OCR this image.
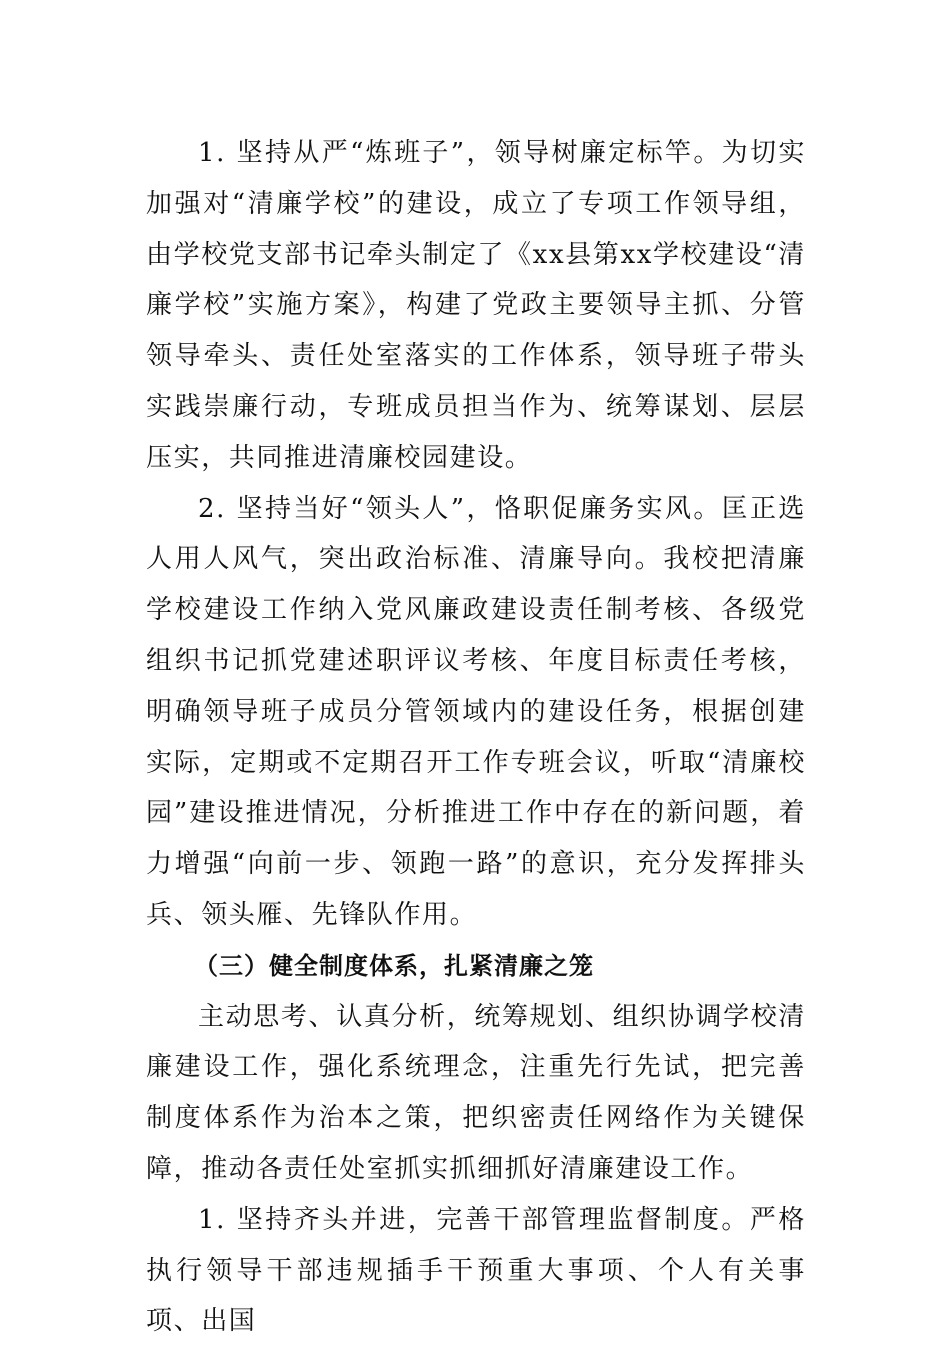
1. 坚持从严“炼班子”，领导树廉定标竿。为切实加强对“清廉学校”的建设，成立了专项工作领导组，由学校党支部书记牵头制定了《xx县第xx学校建设“清廉学校”实施方案》，构建了党政主要领导主抓、分管领导牵头、责任处室落实的工作体系，领导班子带头实践崇廉行动，专班成员担当作为、统筹谋划、层层压实，共同推进清廉校园建设。

2. 坚持当好“领头人”，恪职促廉务实风。匡正选人用人风气，突出政治标准、清廉导向。我校把清廉学校建设工作纳入党风廉政建设责任制考核、各级党组织书记抓党建述职评议考核、年度目标责任考核，明确领导班子成员分管领域内的建设任务，根据创建实际，定期或不定期召开工作专班会议，听取“清廉校园”建设推进情况，分析推进工作中存在的新问题，着力增强“向前一步、领跑一路”的意识，充分发挥排头兵、领头雁、先锋队作用。

（三）健全制度体系，扎紧清廉之笼

主动思考、认真分析，统筹规划、组织协调学校清廉建设工作，强化系统理念，注重先行先试，把完善制度体系作为治本之策，把织密责任网络作为关键保障，推动各责任处室抓实抓细抓好清廉建设工作。

1. 坚持齐头并进，完善干部管理监督制度。严格执行领导干部违规插手干预重大事项、个人有关事项、出国
